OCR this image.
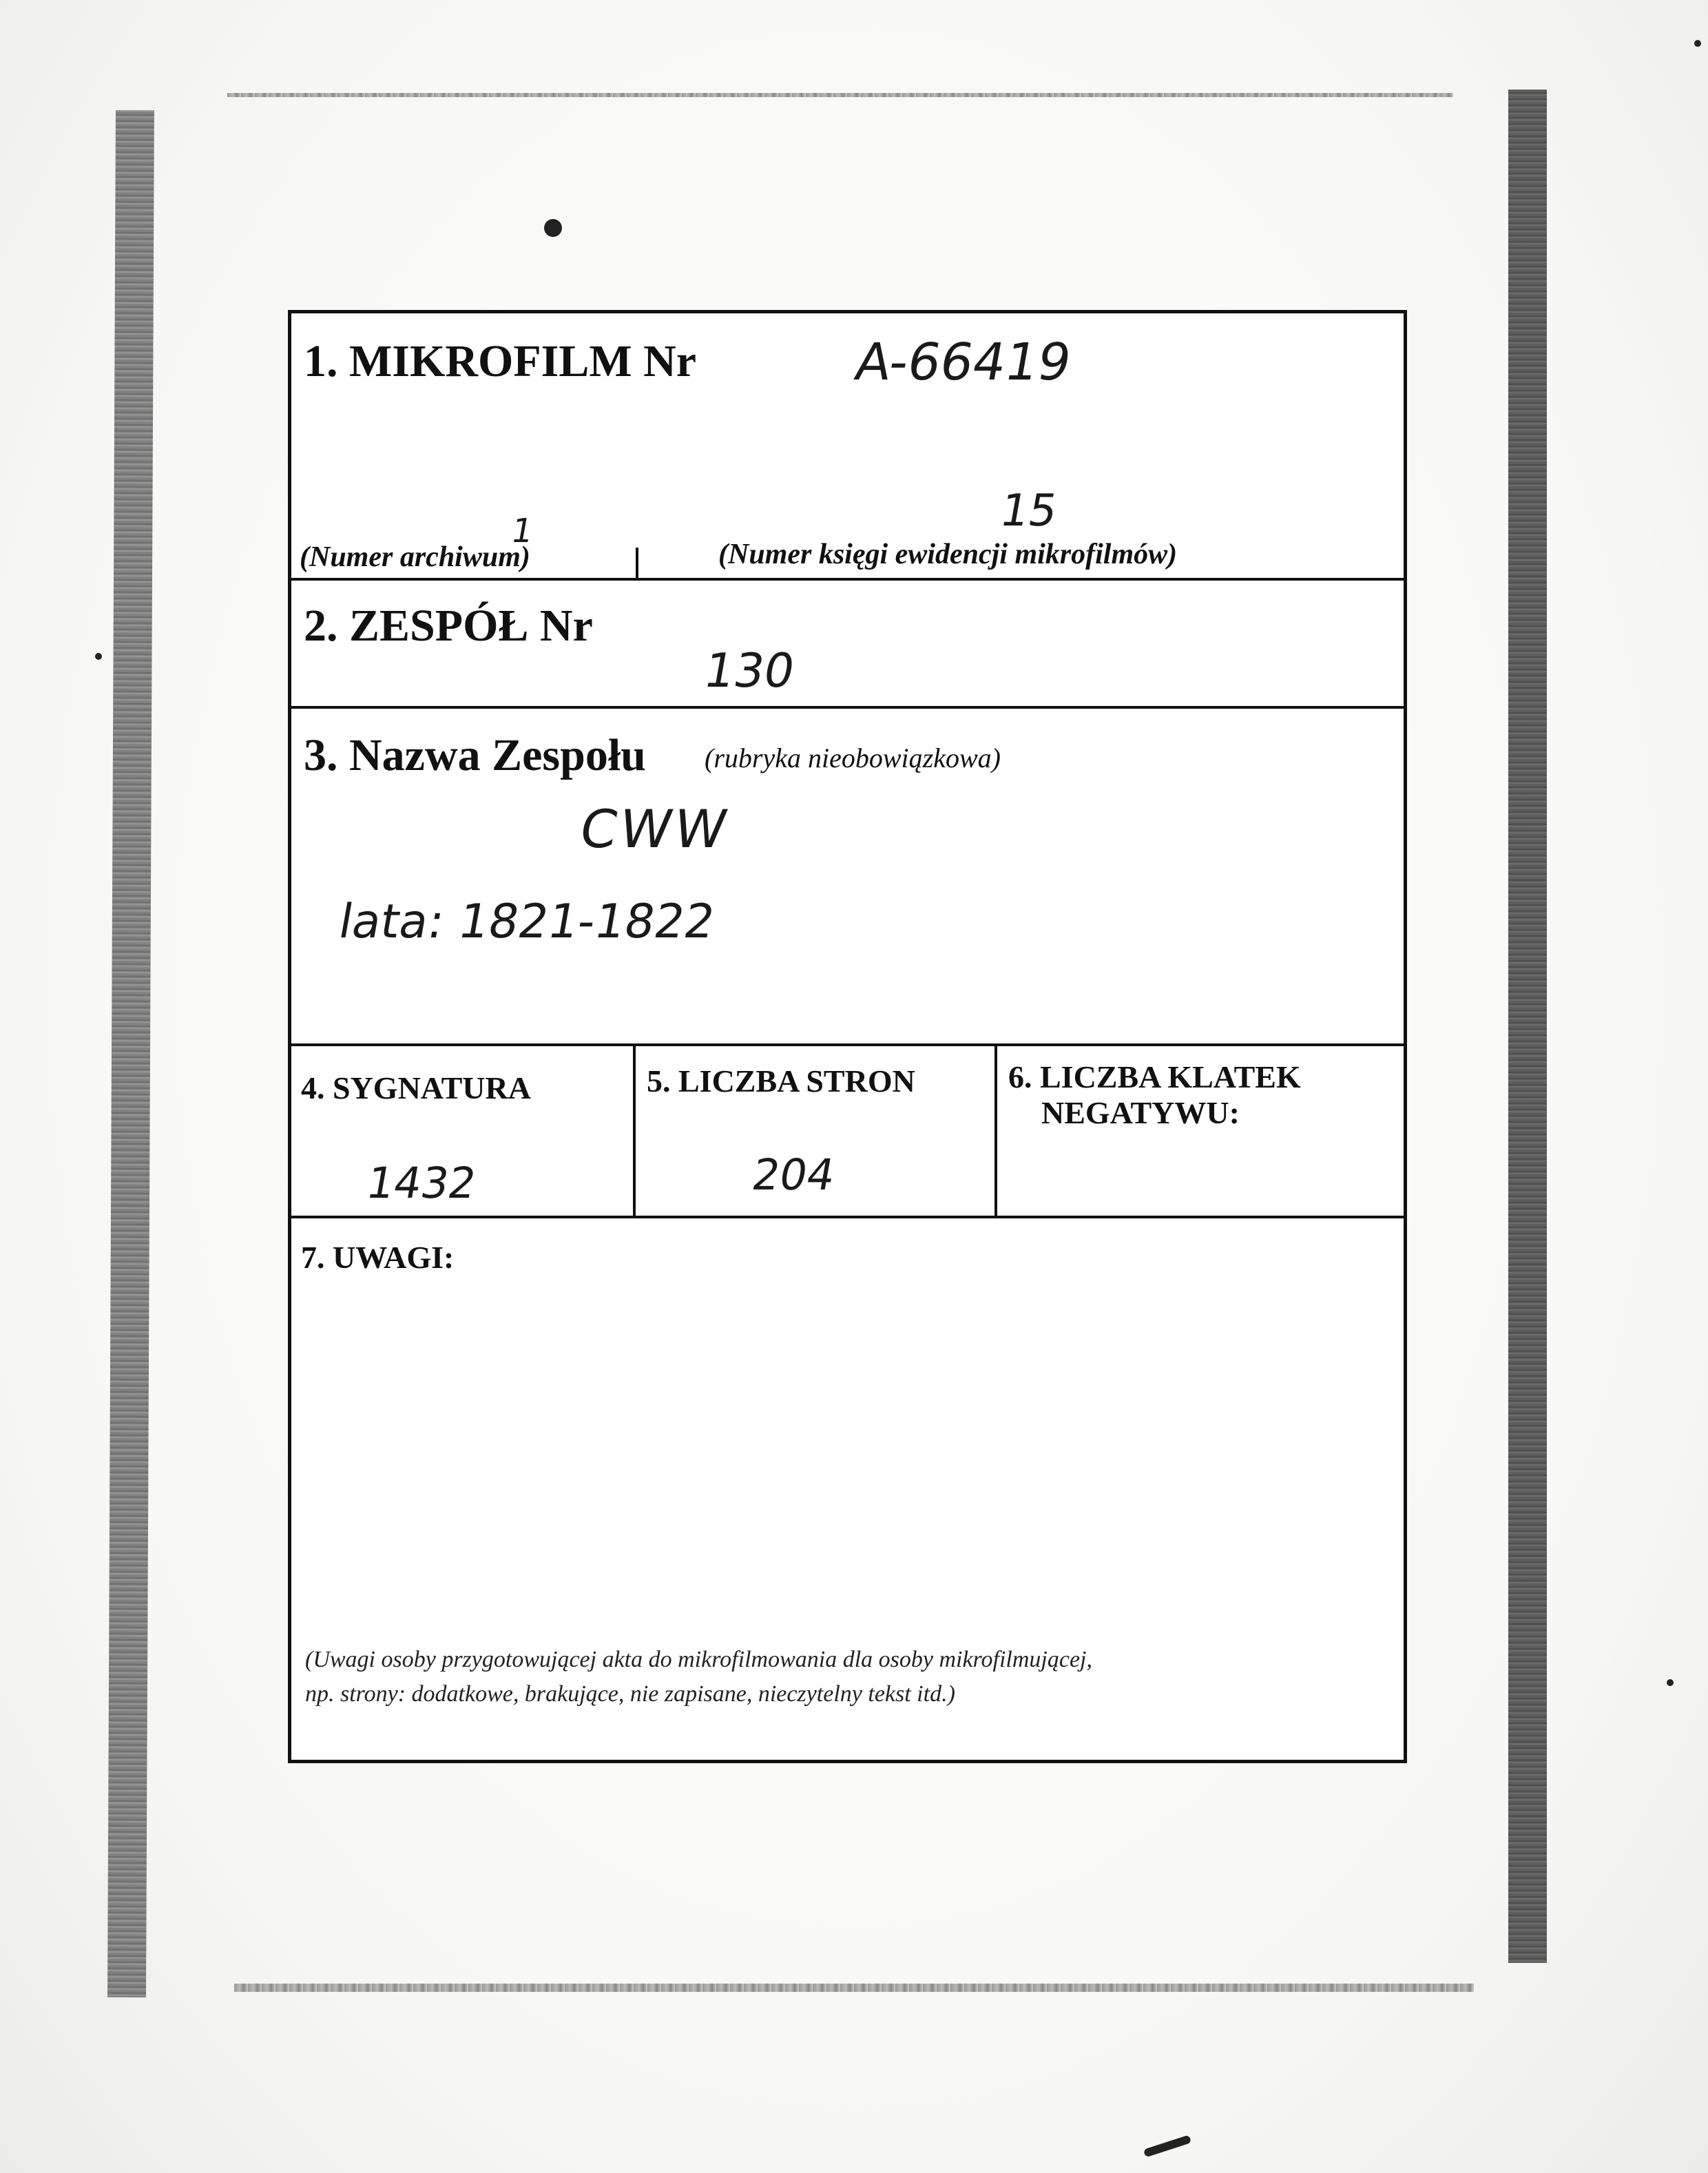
1. MIKROFILM Nr	A-66419
1	15
(Numer archiwum)	(Numer księgi ewidencji mikrofilmów)
2. ZESPÓŁ Nr
130
3. Nazwa Zespołu (rubryka nieobowiązkowa)
CWW
lata: 1821-1822
4. SYGNATURA
1432
5. LICZBA STRON
204
6. LICZBA KLATEK
NEGATYWU:
7. UWAGI:
(Uwagi osoby przygotowującej akta do mikrofilmowania dla osoby mikrofilmującej,
np. strony: dodatkowe, brakujące, nie zapisane, nieczytelny tekst itd.)
